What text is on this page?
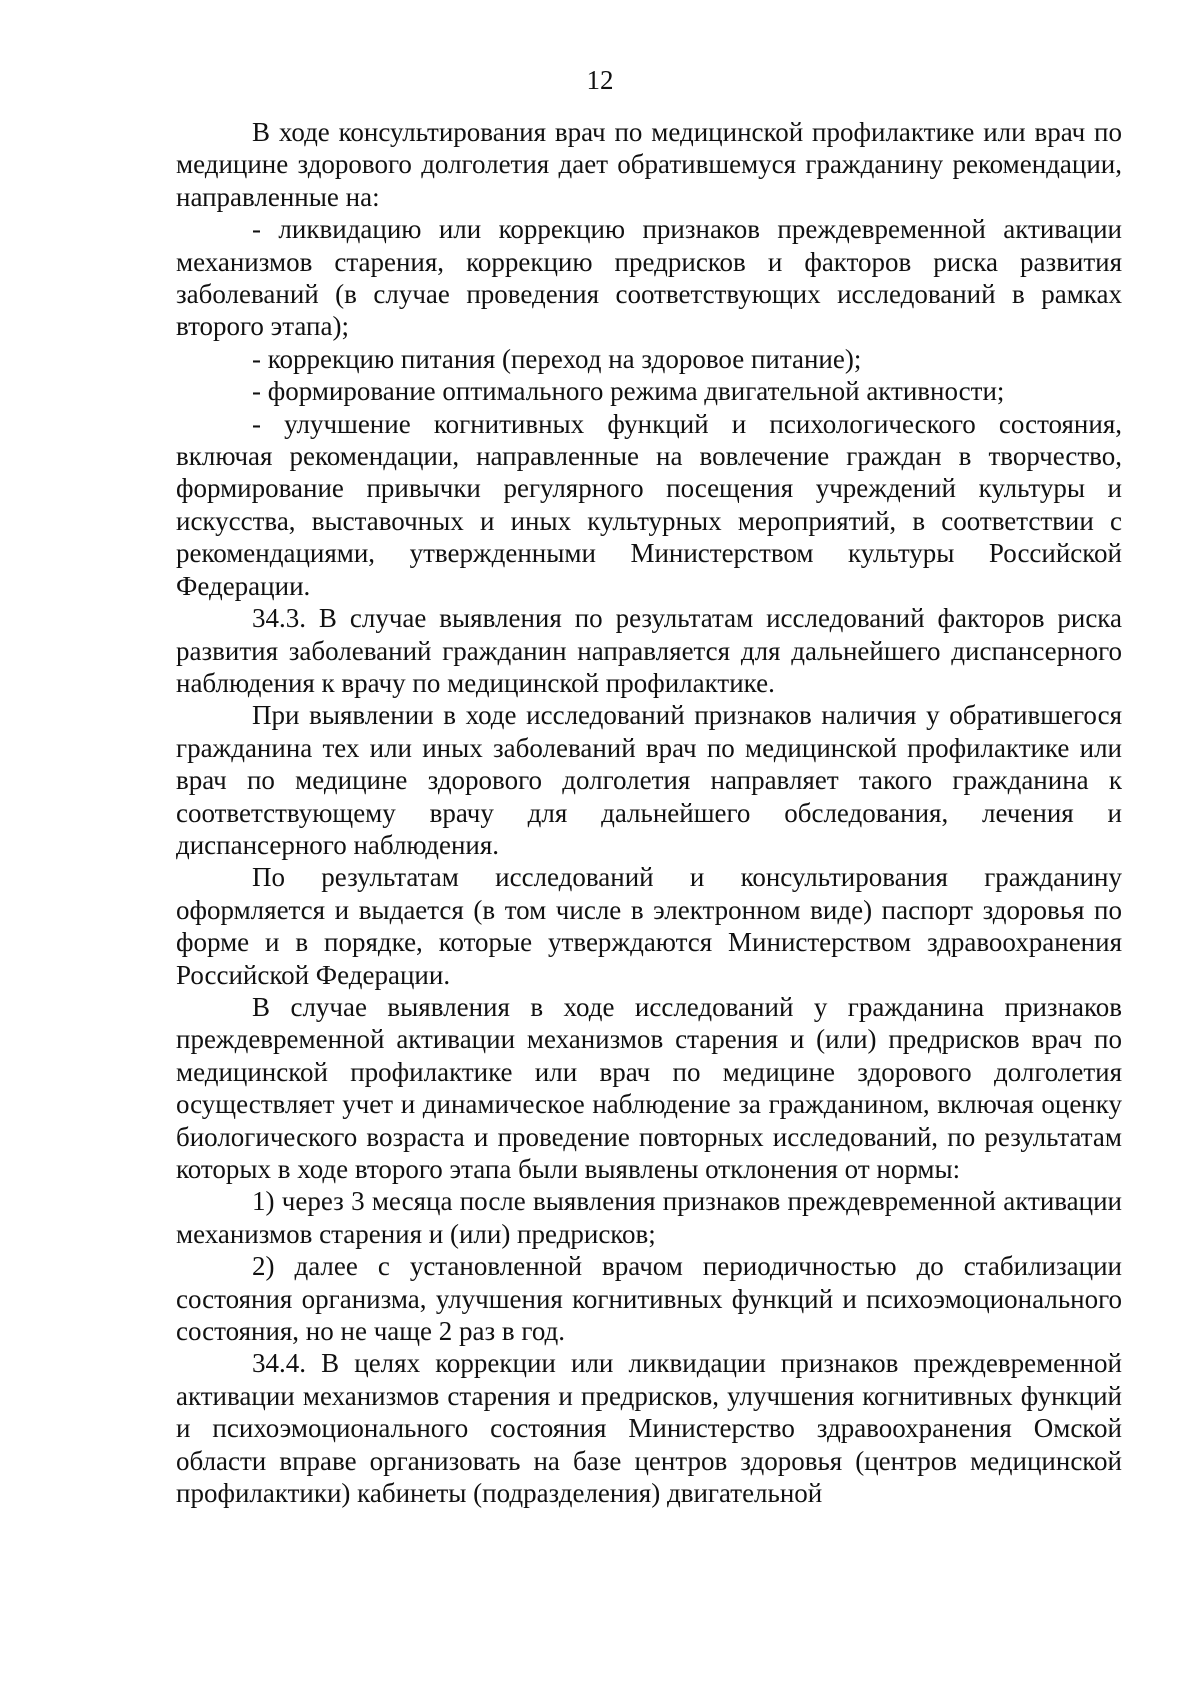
12

В ходе консультирования врач по медицинской профилактике или врач по медицине здорового долголетия дает обратившемуся гражданину рекомендации, направленные на:

- ликвидацию или коррекцию признаков преждевременной активации механизмов старения, коррекцию предрисков и факторов риска развития заболеваний (в случае проведения соответствующих исследований в рамках второго этапа);

- коррекцию питания (переход на здоровое питание);

- формирование оптимального режима двигательной активности;

- улучшение когнитивных функций и психологического состояния, включая рекомендации, направленные на вовлечение граждан в творчество, формирование привычки регулярного посещения учреждений культуры и искусства, выставочных и иных культурных мероприятий, в соответствии с рекомендациями, утвержденными Министерством культуры Российской Федерации.

34.3. В случае выявления по результатам исследований факторов риска развития заболеваний гражданин направляется для дальнейшего диспансерного наблюдения к врачу по медицинской профилактике.

При выявлении в ходе исследований признаков наличия у обратившегося гражданина тех или иных заболеваний врач по медицинской профилактике или врач по медицине здорового долголетия направляет такого гражданина к соответствующему врачу для дальнейшего обследования, лечения и диспансерного наблюдения.

По результатам исследований и консультирования гражданину оформляется и выдается (в том числе в электронном виде) паспорт здоровья по форме и в порядке, которые утверждаются Министерством здравоохранения Российской Федерации.

В случае выявления в ходе исследований у гражданина признаков преждевременной активации механизмов старения и (или) предрисков врач по медицинской профилактике или врач по медицине здорового долголетия осуществляет учет и динамическое наблюдение за гражданином, включая оценку биологического возраста и проведение повторных исследований, по результатам которых в ходе второго этапа были выявлены отклонения от нормы:

1) через 3 месяца после выявления признаков преждевременной активации механизмов старения и (или) предрисков;

2) далее с установленной врачом периодичностью до стабилизации состояния организма, улучшения когнитивных функций и психоэмоционального состояния, но не чаще 2 раз в год.

34.4. В целях коррекции или ликвидации признаков преждевременной активации механизмов старения и предрисков, улучшения когнитивных функций и психоэмоционального состояния Министерство здравоохранения Омской области вправе организовать на базе центров здоровья (центров медицинской профилактики) кабинеты (подразделения) двигательной
